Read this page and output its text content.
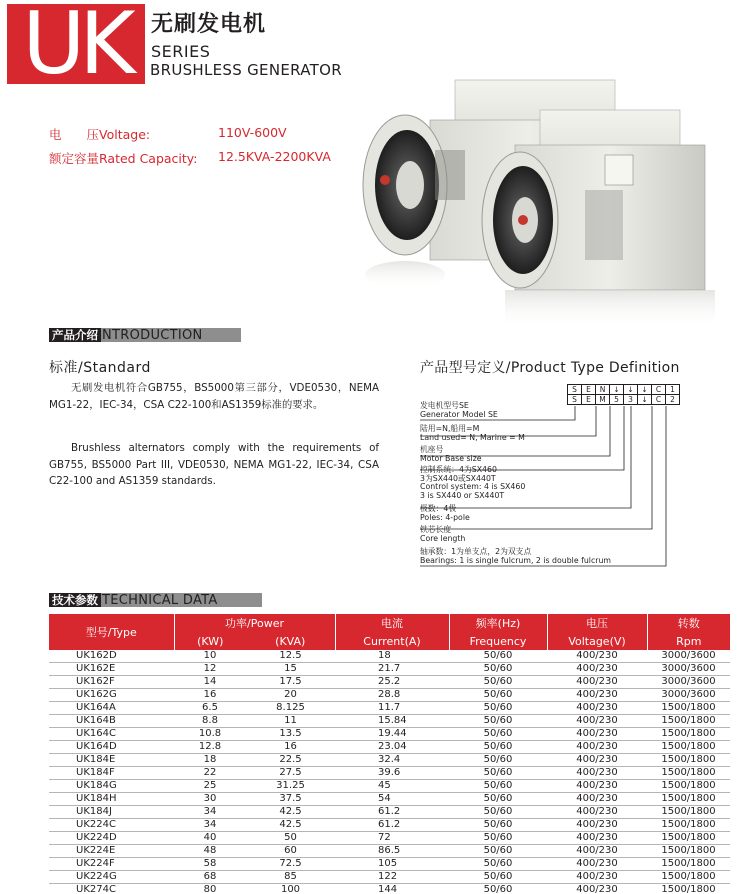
UK 无刷发电机
SERIES
BRUSHLESS GENERATOR
电　　压Voltage:	110V-600V
额定容量Rated Capacity: 12.5KVA-2200KVA
产品介绍 NTRODUCTION
标准/Standard
无刷发电机符合GB755，BS5000第三部分，VDE0530，NEMA MG1-22，IEC-34，CSA C22-100和AS1359标准的要求。
Brushless alternators comply with the requirements of GB755, BS5000 Part III, VDE0530, NEMA MG1-22, IEC-34, CSA C22-100 and AS1359 standards.
产品型号定义/Product Type Definition
S	E	N	↓	↓	↓	C	1
S	E	M	5	3	↓	C	2
发电机型号SE
Generator Model SE
陆用=N,船用=M
Land used= N, Marine = M
机座号
Motor Base size
控制系统：4为SX460
3为SX440或SX440T
Control system: 4 is SX460
3 is SX440 or SX440T
极数：4极
Poles: 4-pole
铁芯长度
Core length
轴承数：1为单支点，2为双支点
Bearings: 1 is single fulcrum, 2 is double fulcrum
技术参数 TECHNICAL DATA
型号/Type	功率/Power		电流	频率(Hz)	电压	转数
	(KW)	(KVA)	Current(A)	Frequency	Voltage(V)	Rpm
UK162D	10	12.5	18	50/60	400/230	3000/3600
UK162E	12	15	21.7	50/60	400/230	3000/3600
UK162F	14	17.5	25.2	50/60	400/230	3000/3600
UK162G	16	20	28.8	50/60	400/230	3000/3600
UK164A	6.5	8.125	11.7	50/60	400/230	1500/1800
UK164B	8.8	11	15.84	50/60	400/230	1500/1800
UK164C	10.8	13.5	19.44	50/60	400/230	1500/1800
UK164D	12.8	16	23.04	50/60	400/230	1500/1800
UK184E	18	22.5	32.4	50/60	400/230	1500/1800
UK184F	22	27.5	39.6	50/60	400/230	1500/1800
UK184G	25	31.25	45	50/60	400/230	1500/1800
UK184H	30	37.5	54	50/60	400/230	1500/1800
UK184J	34	42.5	61.2	50/60	400/230	1500/1800
UK224C	34	42.5	61.2	50/60	400/230	1500/1800
UK224D	40	50	72	50/60	400/230	1500/1800
UK224E	48	60	86.5	50/60	400/230	1500/1800
UK224F	58	72.5	105	50/60	400/230	1500/1800
UK224G	68	85	122	50/60	400/230	1500/1800
UK274C	80	100	144	50/60	400/230	1500/1800
